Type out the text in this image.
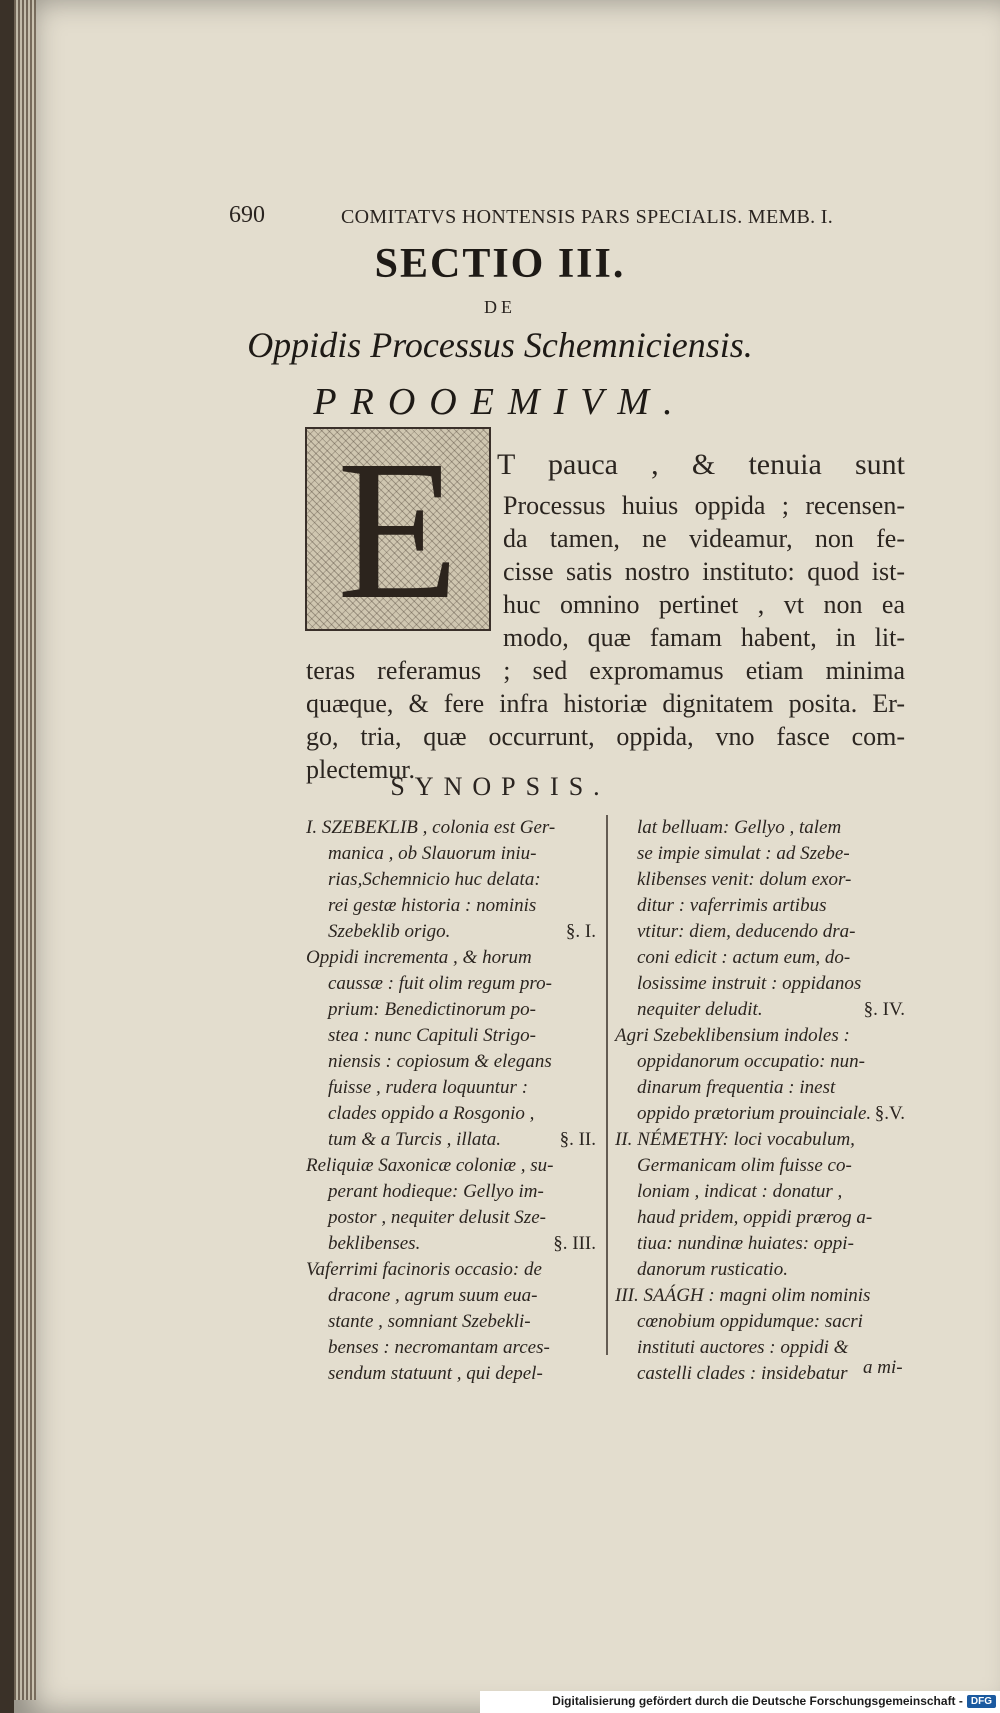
690	COMITATVS HONTENSIS PARS SPECIALIS. MEMB. I.
SECTIO III.
DE
Oppidis Processus Schemniciensis.
PROOEMIVM.
E	T pauca , & tenuia sunt
Processus huius oppida ; recensen-
da tamen, ne videamur, non fe-
cisse satis nostro instituto: quod ist-
huc omnino pertinet , vt non ea
modo, quæ famam habent, in lit-
teras referamus ; sed expromamus etiam minima
quæque, & fere infra historiæ dignitatem posita. Er-
go, tria, quæ occurrunt, oppida, vno fasce com-
plectemur.
SYNOPSIS.
I. SZEBEKLIB , colonia est Ger-
manica , ob Slauorum iniu-
rias,Schemnicio huc delata:
rei gestæ historia : nominis
Szebeklib origo.	§. I.
Oppidi incrementa , & horum
caussæ : fuit olim regum pro-
prium: Benedictinorum po-
stea : nunc Capituli Strigo-
niensis : copiosum & elegans
fuisse , rudera loquuntur :
clades oppido a Rosgonio ,
tum & a Turcis , illata.	§. II.
Reliquiæ Saxonicæ coloniæ , su-
perant hodieque: Gellyo im-
postor , nequiter delusit Sze-
beklibenses.	§. III.
Vaferrimi facinoris occasio: de
dracone , agrum suum eua-
stante , somniant Szebekli-
benses : necromantam arces-
sendum statuunt , qui depel-
lat belluam: Gellyo , talem
se impie simulat : ad Szebe-
klibenses venit: dolum exor-
ditur : vaferrimis artibus
vtitur: diem, deducendo dra-
coni edicit : actum eum, do-
losissime instruit : oppidanos
nequiter deludit.	§. IV.
Agri Szebeklibensium indoles :
oppidanorum occupatio: nun-
dinarum frequentia : inest
oppido prætorium prouinciale. §.V.
II. NÉMETHY: loci vocabulum,
Germanicam olim fuisse co-
loniam , indicat : donatur ,
haud pridem, oppidi prærog a-
tiua: nundinæ huiates: oppi-
danorum rusticatio.
III. SAÁGH : magni olim nominis
cœnobium oppidumque: sacri
instituti auctores : oppidi &
castelli clades : insidebatur a mi-
Digitalisierung gefördert durch die Deutsche Forschungsgemeinschaft - DFG
